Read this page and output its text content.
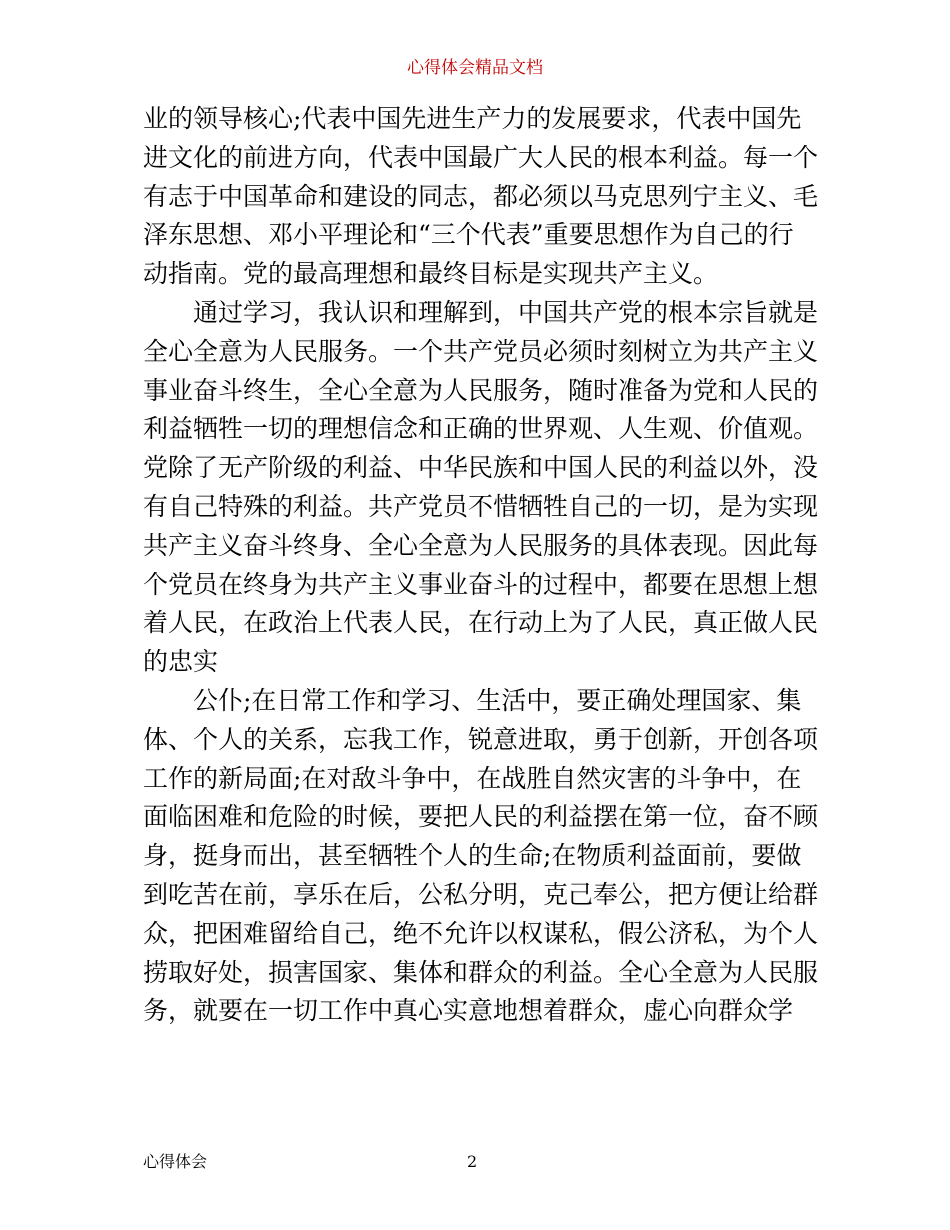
心得体会精品文档

业的领导核心;代表中国先进生产力的发展要求，代表中国先

进文化的前进方向，代表中国最广大人民的根本利益。每一个

有志于中国革命和建设的同志，都必须以马克思列宁主义、毛

泽东思想、邓小平理论和“三个代表”重要思想作为自己的行

动指南。党的最高理想和最终目标是实现共产主义。

通过学习，我认识和理解到，中国共产党的根本宗旨就是

全心全意为人民服务。一个共产党员必须时刻树立为共产主义

事业奋斗终生，全心全意为人民服务，随时准备为党和人民的

利益牺牲一切的理想信念和正确的世界观、人生观、价值观。

党除了无产阶级的利益、中华民族和中国人民的利益以外，没

有自己特殊的利益。共产党员不惜牺牲自己的一切，是为实现

共产主义奋斗终身、全心全意为人民服务的具体表现。因此每

个党员在终身为共产主义事业奋斗的过程中，都要在思想上想

着人民，在政治上代表人民，在行动上为了人民，真正做人民

的忠实

公仆;在日常工作和学习、生活中，要正确处理国家、集

体、个人的关系，忘我工作，锐意进取，勇于创新，开创各项

工作的新局面;在对敌斗争中，在战胜自然灾害的斗争中，在

面临困难和危险的时候，要把人民的利益摆在第一位，奋不顾

身，挺身而出，甚至牺牲个人的生命;在物质利益面前，要做

到吃苦在前，享乐在后，公私分明，克己奉公，把方便让给群

众，把困难留给自己，绝不允许以权谋私，假公济私，为个人

捞取好处，损害国家、集体和群众的利益。全心全意为人民服

务，就要在一切工作中真心实意地想着群众，虚心向群众学

心得体会	2
